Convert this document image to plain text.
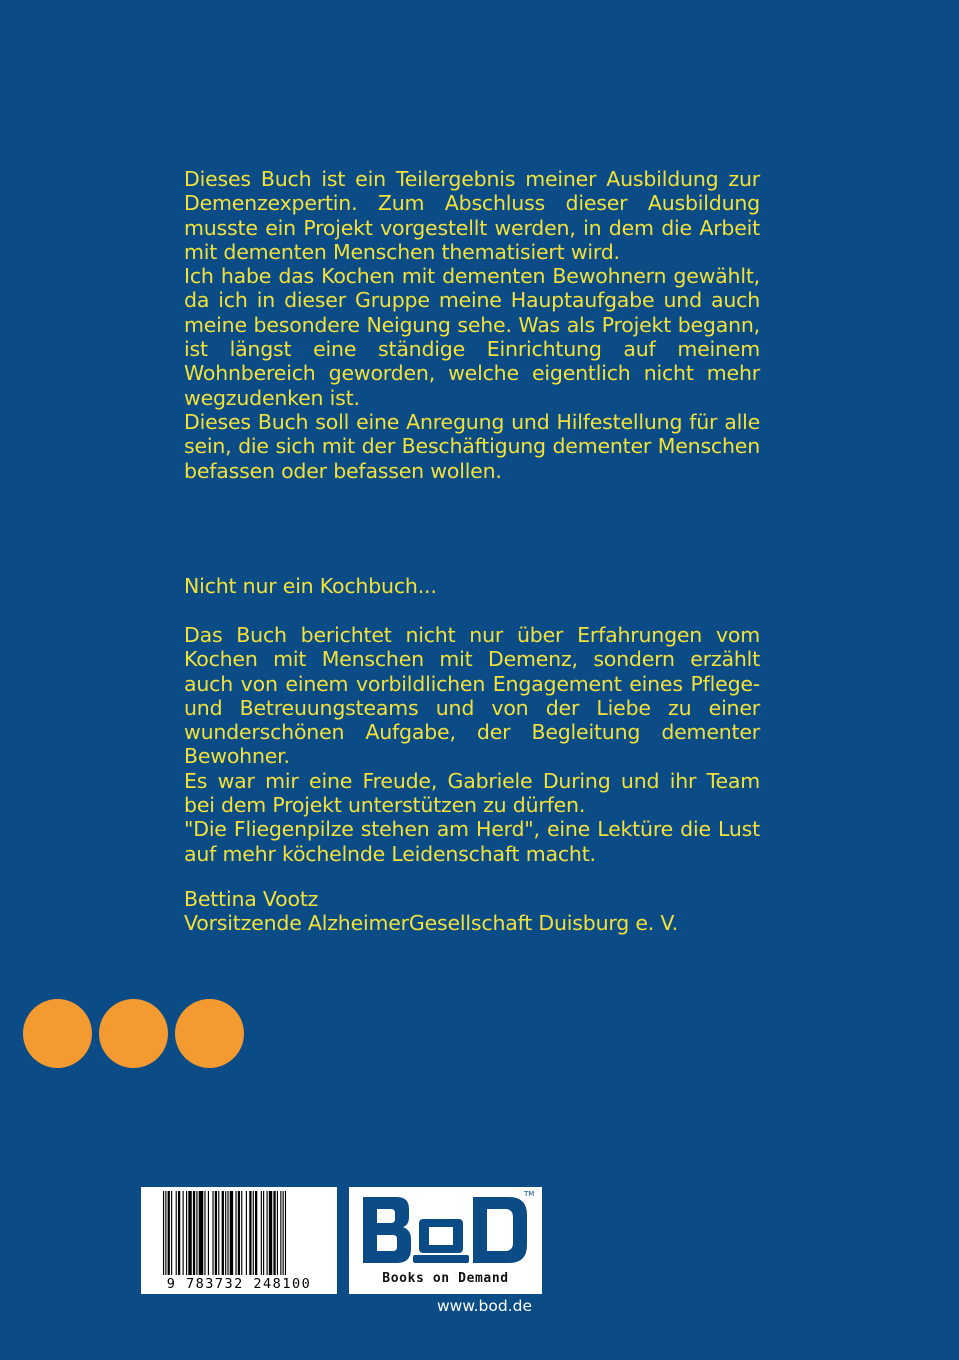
Dieses Buch ist ein Teilergebnis meiner Ausbildung zur Demenzexpertin. Zum Abschluss dieser Ausbildung musste ein Projekt vorgestellt werden, in dem die Arbeit mit dementen Menschen thematisiert wird.

Ich habe das Kochen mit dementen Bewohnern gewählt, da ich in dieser Gruppe meine Hauptaufgabe und auch meine besondere Neigung sehe. Was als Projekt begann, ist längst eine ständige Einrichtung auf meinem Wohnbereich geworden, welche eigentlich nicht mehr wegzudenken ist.

Dieses Buch soll eine Anregung und Hilfestellung für alle sein, die sich mit der Beschäftigung dementer Menschen befassen oder befassen wollen.

Nicht nur ein Kochbuch...

Das Buch berichtet nicht nur über Erfahrungen vom Kochen mit Menschen mit Demenz, sondern erzählt auch von einem vorbildlichen Engagement eines Pflege- und Betreuungsteams und von der Liebe zu einer wunderschönen Aufgabe, der Begleitung dementer Bewohner.

Es war mir eine Freude, Gabriele During und ihr Team bei dem Projekt unterstützen zu dürfen.

"Die Fliegenpilze stehen am Herd", eine Lektüre die Lust auf mehr köchelnde Leidenschaft macht.

Bettina Vootz
Vorsitzende AlzheimerGesellschaft Duisburg e. V.
9 783732 248100
TM
Books on Demand
www.bod.de
